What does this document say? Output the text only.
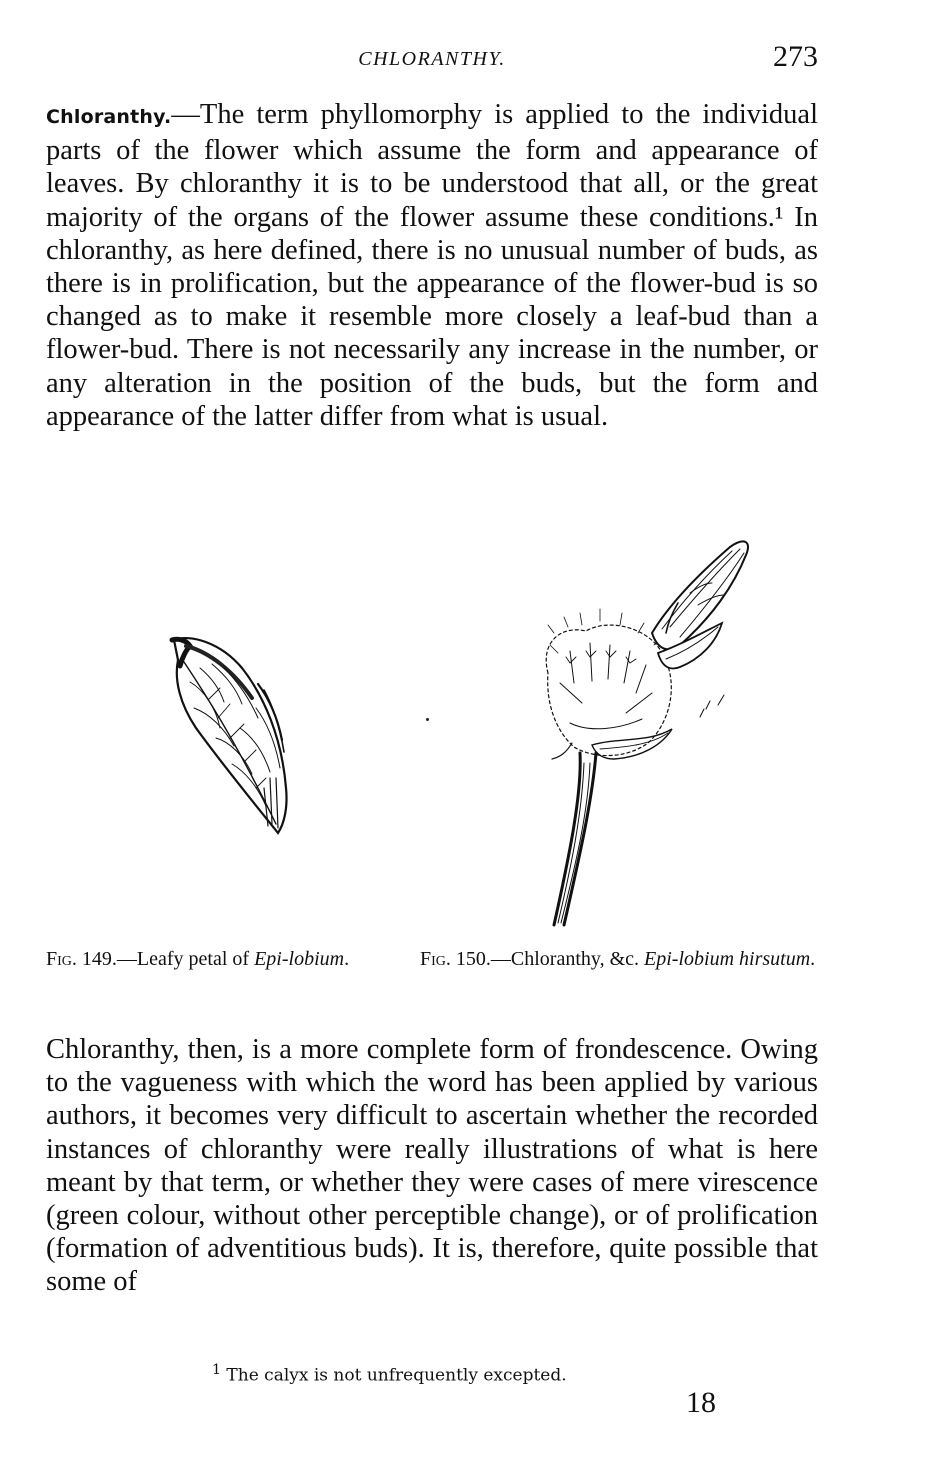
CHLORANTHY.	273

Chloranthy.—The term phyllomorphy is applied to the individual parts of the flower which assume the form and appearance of leaves. By chloranthy it is to be understood that all, or the great majority of the organs of the flower assume these conditions.¹ In chloranthy, as here defined, there is no unusual number of buds, as there is in prolification, but the appearance of the flower-bud is so changed as to make it resemble more closely a leaf-bud than a flower-bud. There is not necessarily any increase in the number, or any alteration in the position of the buds, but the form and appearance of the latter differ from what is usual.

Fig. 149.—Leafy petal of Epi-lobium.	Fig. 150.—Chloranthy, &c. Epi-lobium hirsutum.

Chloranthy, then, is a more complete form of frondescence. Owing to the vagueness with which the word has been applied by various authors, it becomes very difficult to ascertain whether the recorded instances of chloranthy were really illustrations of what is here meant by that term, or whether they were cases of mere virescence (green colour, without other perceptible change), or of prolification (formation of adventitious buds). It is, therefore, quite possible that some of

$^1$ The calyx is not unfrequently excepted.
18
